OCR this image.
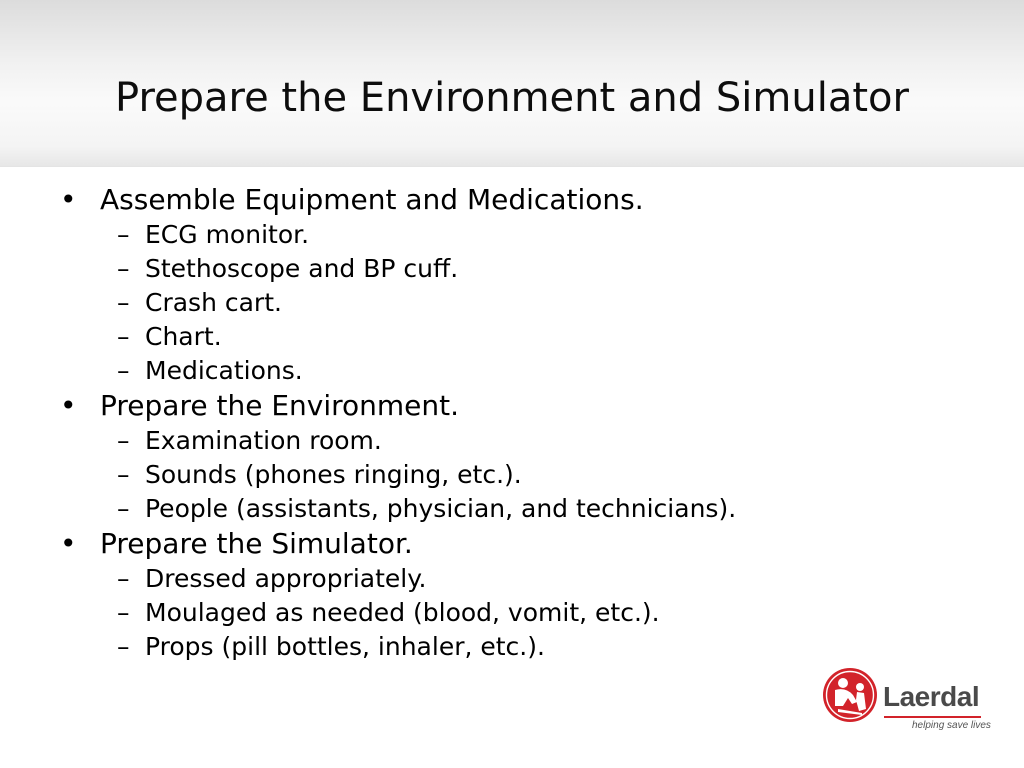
Prepare the Environment and Simulator
• Assemble Equipment and Medications.
– ECG monitor.
– Stethoscope and BP cuff.
– Crash cart.
– Chart.
– Medications.
• Prepare the Environment.
– Examination room.
– Sounds (phones ringing, etc.).
– People (assistants, physician, and technicians).
• Prepare the Simulator.
– Dressed appropriately.
– Moulaged as needed (blood, vomit, etc.).
– Props (pill bottles, inhaler, etc.).
Laerdal
helping save lives
